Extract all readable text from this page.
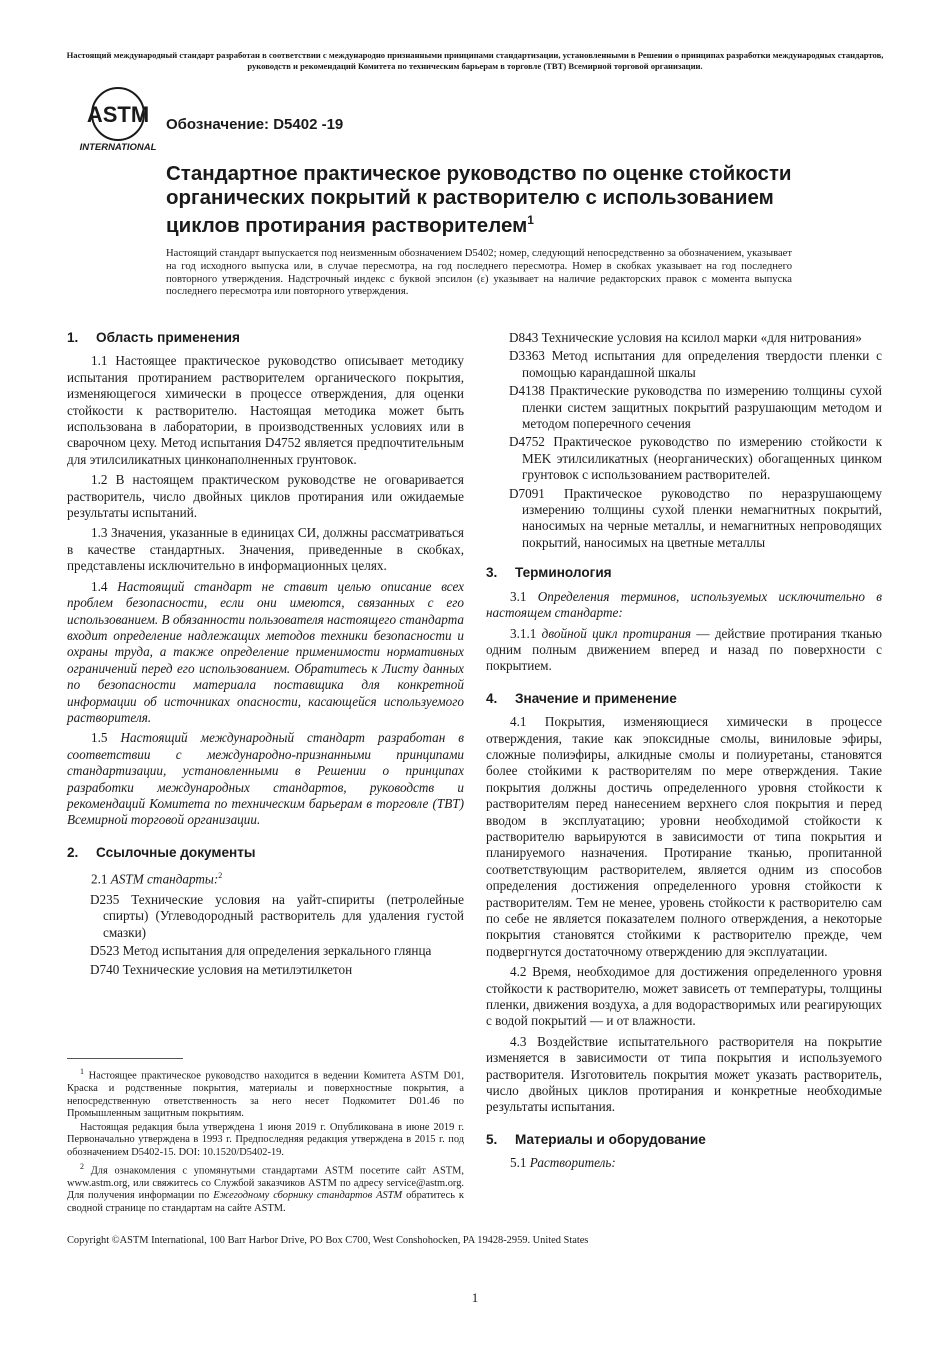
Настоящий международный стандарт разработан в соответствии с международно признанными принципами стандартизации, установленными в Решении о принципах разработки международных стандартов, руководств и рекомендаций Комитета по техническим барьерам в торговле (TBT) Всемирной торговой организации.
ASTM
INTERNATIONAL
Обозначение: D5402 -19
Стандартное практическое руководство по оценке стойкости органических покрытий к растворителю с использованием циклов протирания растворителем$^1$
Настоящий стандарт выпускается под неизменным обозначением D5402; номер, следующий непосредственно за обозначением, указывает на год исходного выпуска или, в случае пересмотра, на год последнего пересмотра. Номер в скобках указывает на год последнего повторного утверждения. Надстрочный индекс с буквой эпсилон (ε) указывает на наличие редакторских правок с момента выпуска последнего пересмотра или повторного утверждения.
1. Область применения

1.1 Настоящее практическое руководство описывает методику испытания протиранием растворителем органического покрытия, изменяющегося химически в процессе отверждения, для оценки стойкости к растворителю. Настоящая методика может быть использована в лаборатории, в производственных условиях или в сварочном цеху. Метод испытания D4752 является предпочтительным для этилсиликатных цинконаполненных грунтовок.

1.2 В настоящем практическом руководстве не оговаривается растворитель, число двойных циклов протирания или ожидаемые результаты испытаний.

1.3 Значения, указанные в единицах СИ, должны рассматриваться в качестве стандартных. Значения, приведенные в скобках, представлены исключительно в информационных целях.

1.4 Настоящий стандарт не ставит целью описание всех проблем безопасности, если они имеются, связанных с его использованием. В обязанности пользователя настоящего стандарта входит определение надлежащих методов техники безопасности и охраны труда, а также определение применимости нормативных ограничений перед его использованием. Обратитесь к Листу данных по безопасности материала поставщика для конкретной информации об источниках опасности, касающейся используемого растворителя.

1.5 Настоящий международный стандарт разработан в соответствии с международно-признанными принципами стандартизации, установленными в Решении о принципах разработки международных стандартов, руководств и рекомендаций Комитета по техническим барьерам в торговле (TBT) Всемирной торговой организации.

2. Ссылочные документы

2.1 ASTM стандарты:$^2$

D235 Технические условия на уайт-спириты (петролейные спирты) (Углеводородный растворитель для удаления густой смазки)

D523 Метод испытания для определения зеркального глянца

D740 Технические условия на метилэтилкетон

D843 Технические условия на ксилол марки «для нитрования»

D3363 Метод испытания для определения твердости пленки с помощью карандашной шкалы

D4138 Практические руководства по измерению толщины сухой пленки систем защитных покрытий разрушающим методом и методом поперечного сечения

D4752 Практическое руководство по измерению стойкости к MEK этилсиликатных (неорганических) обогащенных цинком грунтовок с использованием растворителей.

D7091 Практическое руководство по неразрушающему измерению толщины сухой пленки немагнитных покрытий, наносимых на черные металлы, и немагнитных непроводящих покрытий, наносимых на цветные металлы

3. Терминология

3.1 Определения терминов, используемых исключительно в настоящем стандарте:

3.1.1 двойной цикл протирания — действие протирания тканью одним полным движением вперед и назад по поверхности с покрытием.

4. Значение и применение

4.1 Покрытия, изменяющиеся химически в процессе отверждения, такие как эпоксидные смолы, виниловые эфиры, сложные полиэфиры, алкидные смолы и полиуретаны, становятся более стойкими к растворителям по мере отверждения. Такие покрытия должны достичь определенного уровня стойкости к растворителям перед нанесением верхнего слоя покрытия и перед вводом в эксплуатацию; уровни необходимой стойкости к растворителю варьируются в зависимости от типа покрытия и планируемого назначения. Протирание тканью, пропитанной соответствующим растворителем, является одним из способов определения достижения определенного уровня стойкости к растворителям. Тем не менее, уровень стойкости к растворителю сам по себе не является показателем полного отверждения, а некоторые покрытия становятся стойкими к растворителю прежде, чем подвергнутся достаточному отверждению для эксплуатации.

4.2 Время, необходимое для достижения определенного уровня стойкости к растворителю, может зависеть от температуры, толщины пленки, движения воздуха, а для водорастворимых или реагирующих с водой покрытий — и от влажности.

4.3 Воздействие испытательного растворителя на покрытие изменяется в зависимости от типа покрытия и используемого растворителя. Изготовитель покрытия может указать растворитель, число двойных циклов протирания и конкретные необходимые результаты испытания.

5. Материалы и оборудование

5.1 Растворитель:

$^1$ Настоящее практическое руководство находится в ведении Комитета ASTM D01, Краска и родственные покрытия, материалы и поверхностные покрытия, а непосредственную ответственность за него несет Подкомитет D01.46 по Промышленным защитным покрытиям.

Настоящая редакция была утверждена 1 июня 2019 г. Опубликована в июне 2019 г. Первоначально утверждена в 1993 г. Предпоследняя редакция утверждена в 2015 г. под обозначением D5402-15. DOI: 10.1520/D5402-19.

$^2$ Для ознакомления с упомянутыми стандартами ASTM посетите сайт ASTM, www.astm.org, или свяжитесь со Службой заказчиков ASTM по адресу service@astm.org. Для получения информации по Ежегодному сборнику стандартов ASTM обратитесь к сводной странице по стандартам на сайте ASTM.

Copyright ©ASTM International, 100 Barr Harbor Drive, PO Box C700, West Conshohocken, PA 19428-2959. United States
1
